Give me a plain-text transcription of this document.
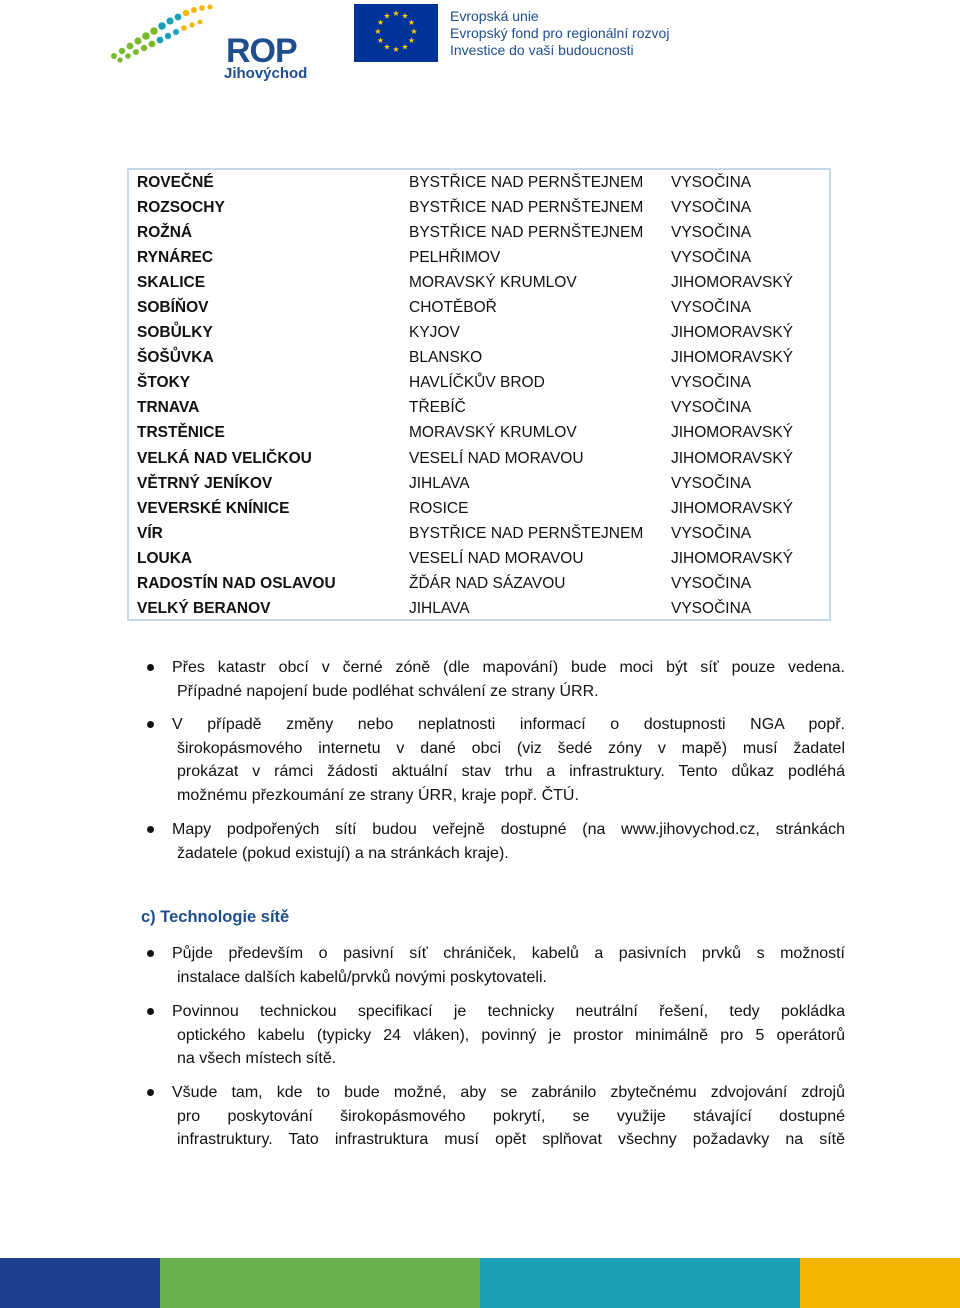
ROP
Jihovýchod
★ ★
★
★
★
★
★
★
★
★
★
★	Evropská unie
Evropský fond pro regionální rozvoj
Investice do vaší budoucnosti
ROVEČNÉ	BYSTŘICE NAD PERNŠTEJNEM	VYSOČINA
ROZSOCHY	BYSTŘICE NAD PERNŠTEJNEM	VYSOČINA
ROŽNÁ	BYSTŘICE NAD PERNŠTEJNEM	VYSOČINA
RYNÁREC	PELHŘIMOV	VYSOČINA
SKALICE	MORAVSKÝ KRUMLOV	JIHOMORAVSKÝ
SOBÍŇOV	CHOTĚBOŘ	VYSOČINA
SOBŮLKY	KYJOV	JIHOMORAVSKÝ
ŠOŠŮVKA	BLANSKO	JIHOMORAVSKÝ
ŠTOKY	HAVLÍČKŮV BROD	VYSOČINA
TRNAVA	TŘEBÍČ	VYSOČINA
TRSTĚNICE	MORAVSKÝ KRUMLOV	JIHOMORAVSKÝ
VELKÁ NAD VELIČKOU	VESELÍ NAD MORAVOU	JIHOMORAVSKÝ
VĚTRNÝ JENÍKOV	JIHLAVA	VYSOČINA
VEVERSKÉ KNÍNICE	ROSICE	JIHOMORAVSKÝ
VÍR	BYSTŘICE NAD PERNŠTEJNEM	VYSOČINA
LOUKA	VESELÍ NAD MORAVOU	JIHOMORAVSKÝ
RADOSTÍN NAD OSLAVOU	ŽĎÁR NAD SÁZAVOU	VYSOČINA
VELKÝ BERANOV	JIHLAVA	VYSOČINA
c) Technologie sítě
Přes katastr obcí v černé zóně (dle mapování) bude moci být síť pouze vedena.
Případné napojení bude podléhat schválení ze strany ÚRR.
V případě změny nebo neplatnosti informací o dostupnosti NGA popř.
širokopásmového internetu v dané obci (viz šedé zóny v mapě) musí žadatel
prokázat v rámci žádosti aktuální stav trhu a infrastruktury. Tento důkaz podléhá
možnému přezkoumání ze strany ÚRR, kraje popř. ČTÚ.
Mapy podpořených sítí budou veřejně dostupné (na www.jihovychod.cz, stránkách
žadatele (pokud existují) a na stránkách kraje).
Půjde především o pasivní síť chrániček, kabelů a pasivních prvků s možností
instalace dalších kabelů/prvků novými poskytovateli.
Povinnou technickou specifikací je technicky neutrální řešení, tedy pokládka
optického kabelu (typicky 24 vláken), povinný je prostor minimálně pro 5 operátorů
na všech místech sítě.
Všude tam, kde to bude možné, aby se zabránilo zbytečnému zdvojování zdrojů
pro poskytování širokopásmového pokrytí, se využije stávající dostupné
infrastruktury. Tato infrastruktura musí opět splňovat všechny požadavky na sítě
